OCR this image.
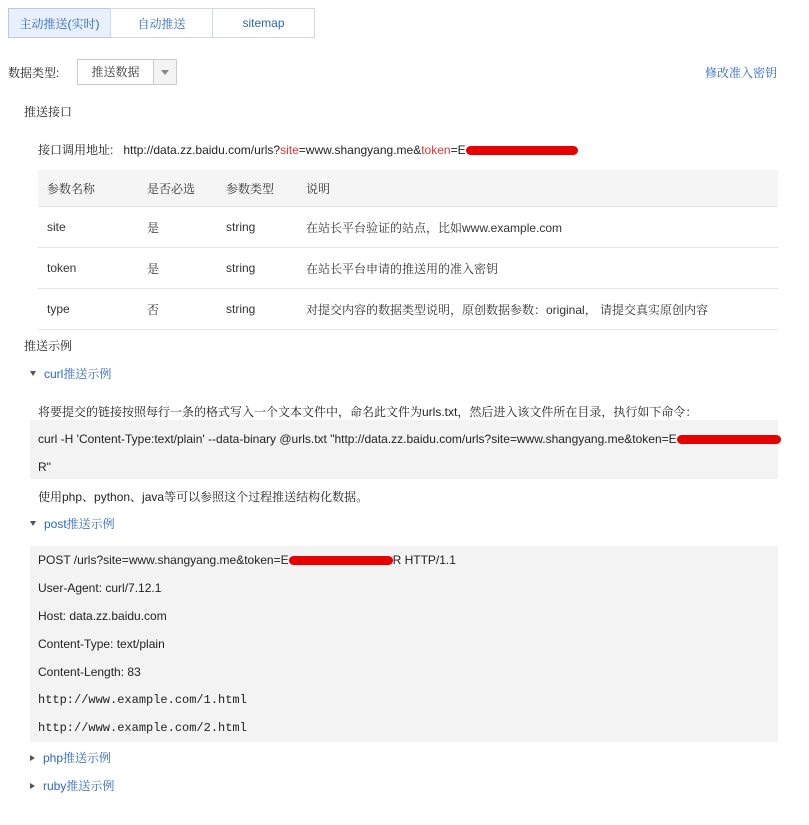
主动推送(实时)	自动推送	sitemap
数据类型:	推送数据	修改准入密钥
推送接口
接口调用地址: http://data.zz.baidu.com/urls?site=www.shangyang.me&token=E
参数名称	是否必选	参数类型	说明
site	是	string	在站长平台验证的站点，比如www.example.com
token	是	string	在站长平台申请的推送用的准入密钥
type	否	string	对提交内容的数据类型说明，原创数据参数：original， 请提交真实原创内容
推送示例
curl推送示例
将要提交的链接按照每行一条的格式写入一个文本文件中，命名此文件为urls.txt，然后进入该文件所在目录，执行如下命令：
curl -H 'Content-Type:text/plain' --data-binary @urls.txt "http://data.zz.baidu.com/urls?site=www.shangyang.me&token=E
R"
使用php、python、java等可以参照这个过程推送结构化数据。
post推送示例
POST /urls?site=www.shangyang.me&token=E	R HTTP/1.1
User-Agent: curl/7.12.1
Host: data.zz.baidu.com
Content-Type: text/plain
Content-Length: 83
http://www.example.com/1.html
http://www.example.com/2.html
php推送示例
ruby推送示例
